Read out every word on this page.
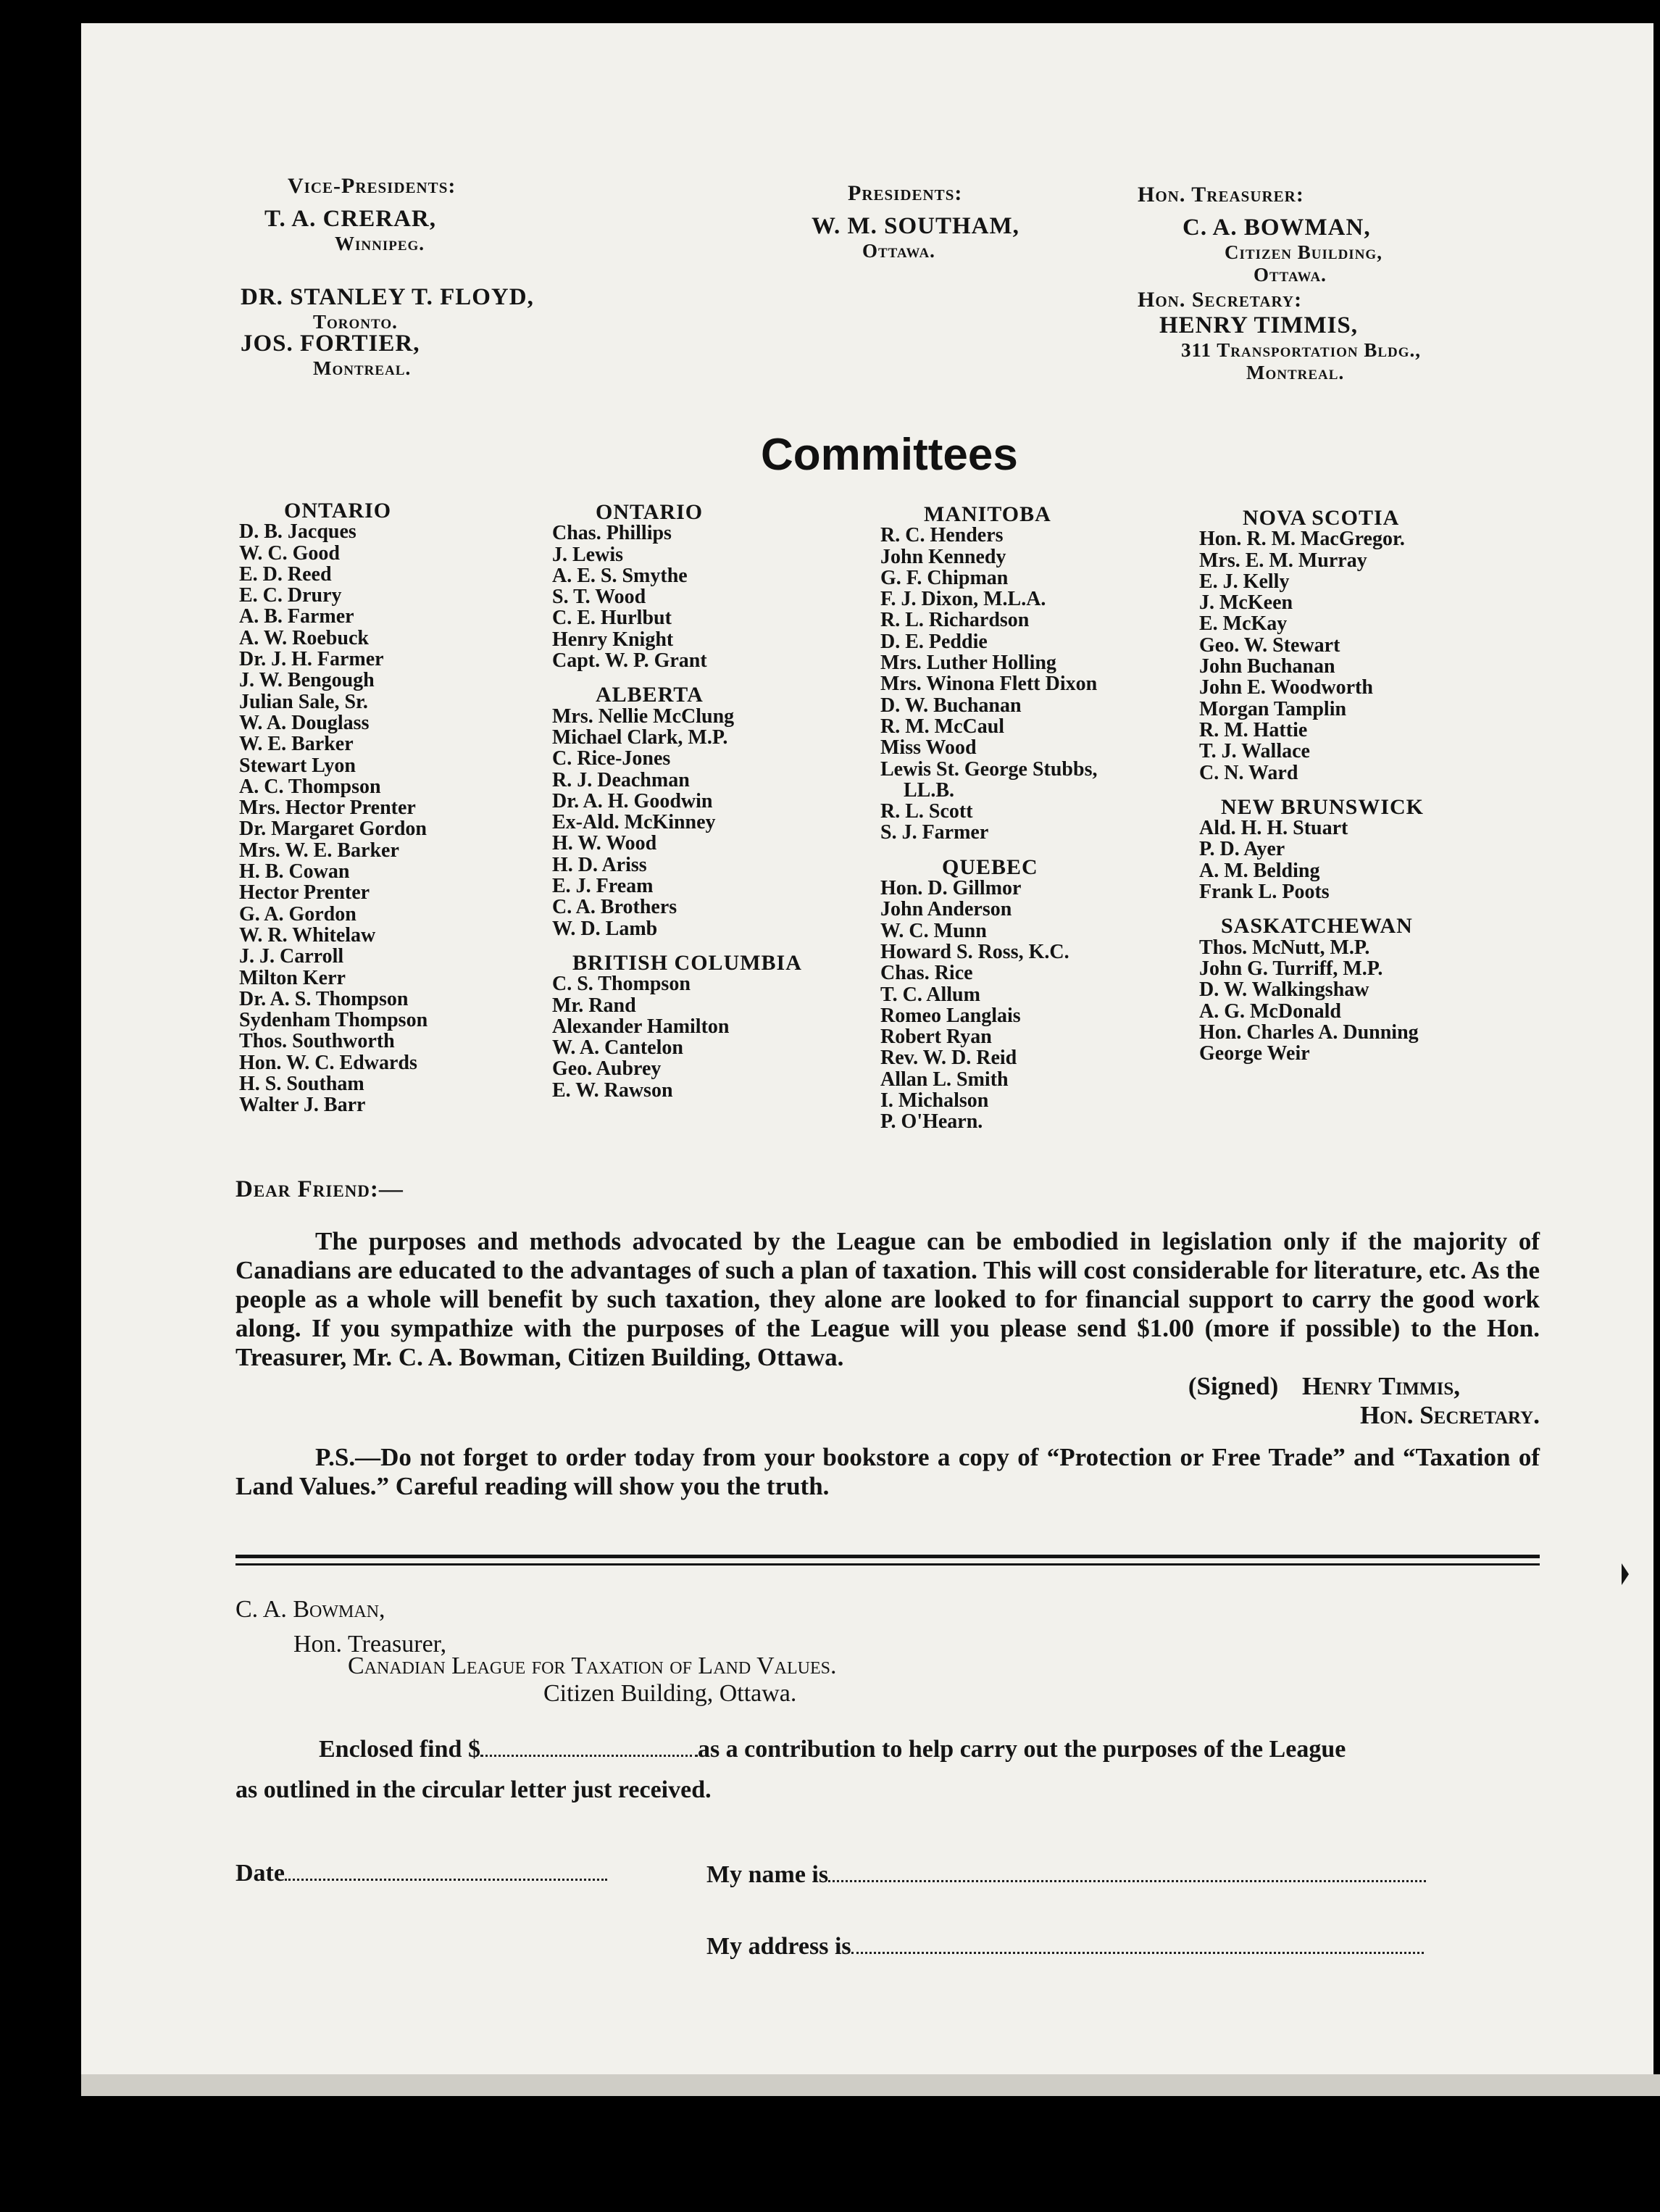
Vice-Presidents:
T. A. CRERAR,
Winnipeg.
DR. STANLEY T. FLOYD,
Toronto.
JOS. FORTIER,
Montreal.
Presidents:
W. M. SOUTHAM,
Ottawa.
Hon. Treasurer:
C. A. BOWMAN,
Citizen Building,
Ottawa.
Hon. Secretary:
HENRY TIMMIS,
311 Transportation Bldg.,
Montreal.
Committees
ONTARIO
D. B. Jacques
W. C. Good
E. D. Reed
E. C. Drury
A. B. Farmer
A. W. Roebuck
Dr. J. H. Farmer
J. W. Bengough
Julian Sale, Sr.
W. A. Douglass
W. E. Barker
Stewart Lyon
A. C. Thompson
Mrs. Hector Prenter
Dr. Margaret Gordon
Mrs. W. E. Barker
H. B. Cowan
Hector Prenter
G. A. Gordon
W. R. Whitelaw
J. J. Carroll
Milton Kerr
Dr. A. S. Thompson
Sydenham Thompson
Thos. Southworth
Hon. W. C. Edwards
H. S. Southam
Walter J. Barr
ONTARIO
Chas. Phillips
J. Lewis
A. E. S. Smythe
S. T. Wood
C. E. Hurlbut
Henry Knight
Capt. W. P. Grant
ALBERTA
Mrs. Nellie McClung
Michael Clark, M.P.
C. Rice-Jones
R. J. Deachman
Dr. A. H. Goodwin
Ex-Ald. McKinney
H. W. Wood
H. D. Ariss
E. J. Fream
C. A. Brothers
W. D. Lamb
BRITISH COLUMBIA
C. S. Thompson
Mr. Rand
Alexander Hamilton
W. A. Cantelon
Geo. Aubrey
E. W. Rawson
MANITOBA
R. C. Henders
John Kennedy
G. F. Chipman
F. J. Dixon, M.L.A.
R. L. Richardson
D. E. Peddie
Mrs. Luther Holling
Mrs. Winona Flett Dixon
D. W. Buchanan
R. M. McCaul
Miss Wood
Lewis St. George Stubbs,
LL.B.
R. L. Scott
S. J. Farmer
QUEBEC
Hon. D. Gillmor
John Anderson
W. C. Munn
Howard S. Ross, K.C.
Chas. Rice
T. C. Allum
Romeo Langlais
Robert Ryan
Rev. W. D. Reid
Allan L. Smith
I. Michalson
P. O'Hearn.
NOVA SCOTIA
Hon. R. M. MacGregor.
Mrs. E. M. Murray
E. J. Kelly
J. McKeen
E. McKay
Geo. W. Stewart
John Buchanan
John E. Woodworth
Morgan Tamplin
R. M. Hattie
T. J. Wallace
C. N. Ward
NEW BRUNSWICK
Ald. H. H. Stuart
P. D. Ayer
A. M. Belding
Frank L. Poots
SASKATCHEWAN
Thos. McNutt, M.P.
John G. Turriff, M.P.
D. W. Walkingshaw
A. G. McDonald
Hon. Charles A. Dunning
George Weir
Dear Friend:—

The purposes and methods advocated by the League can be embodied in legislation only if the majority of Canadians are educated to the advantages of such a plan of taxation. This will cost considerable for literature, etc. As the people as a whole will benefit by such taxation, they alone are looked to for financial support to carry the good work along. If you sympathize with the purposes of the League will you please send $1.00 (more if possible) to the Hon. Treasurer, Mr. C. A. Bowman, Citizen Building, Ottawa.

(Signed) Henry Timmis,
Hon. Secretary.

P.S.—Do not forget to order today from your bookstore a copy of “Protection or Free Trade” and “Taxation of Land Values.” Careful reading will show you the truth.

C. A. Bowman,
Hon. Treasurer,
Canadian League for Taxation of Land Values.
Citizen Building, Ottawa.
Enclosed find $	as a contribution to help carry out the purposes of the League
as outlined in the circular letter just received.
Date	My name is
My address is
